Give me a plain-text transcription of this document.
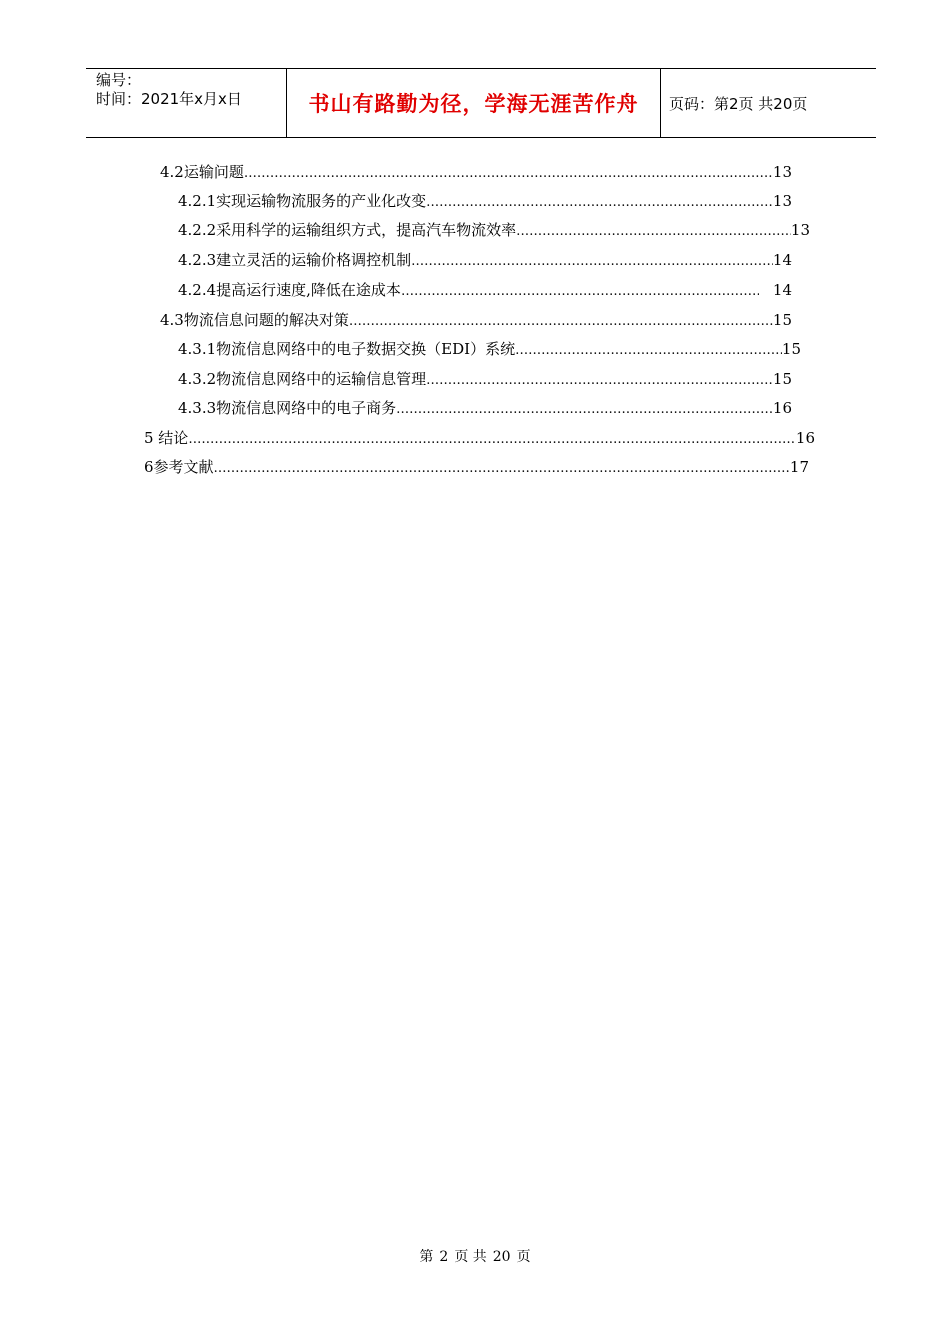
编号：
时间：2021年x月x日	书山有路勤为径，学海无涯苦作舟	页码：第2页 共20页
4.2运输问题 ………………………………………………………………………………………………………………………………………………………………………………………………	13
4.2.1实现运输物流服务的产业化改变 ………………………………………………………………………………………………………………………………………………………………………………………………	13
4.2.2采用科学的运输组织方式，提高汽车物流效率 ………………………………………………………………………………………………………………………………………………………………………………………………	13
4.2.3建立灵活的运输价格调控机制 ………………………………………………………………………………………………………………………………………………………………………………………………	14
4.2.4提高运行速度,降低在途成本 ………………………………………………………………………………………………………………………………………………………………………………………………	14
4.3物流信息问题的解决对策 ………………………………………………………………………………………………………………………………………………………………………………………………	15
4.3.1物流信息网络中的电子数据交换（EDI）系统 ………………………………………………………………………………………………………………………………………………………………………………………………	15
4.3.2物流信息网络中的运输信息管理 ………………………………………………………………………………………………………………………………………………………………………………………………	15
4.3.3物流信息网络中的电子商务 ………………………………………………………………………………………………………………………………………………………………………………………………	16
5 结论 ………………………………………………………………………………………………………………………………………………………………………………………………	16
6参考文献 ………………………………………………………………………………………………………………………………………………………………………………………………	17
第 2 页 共 20 页
